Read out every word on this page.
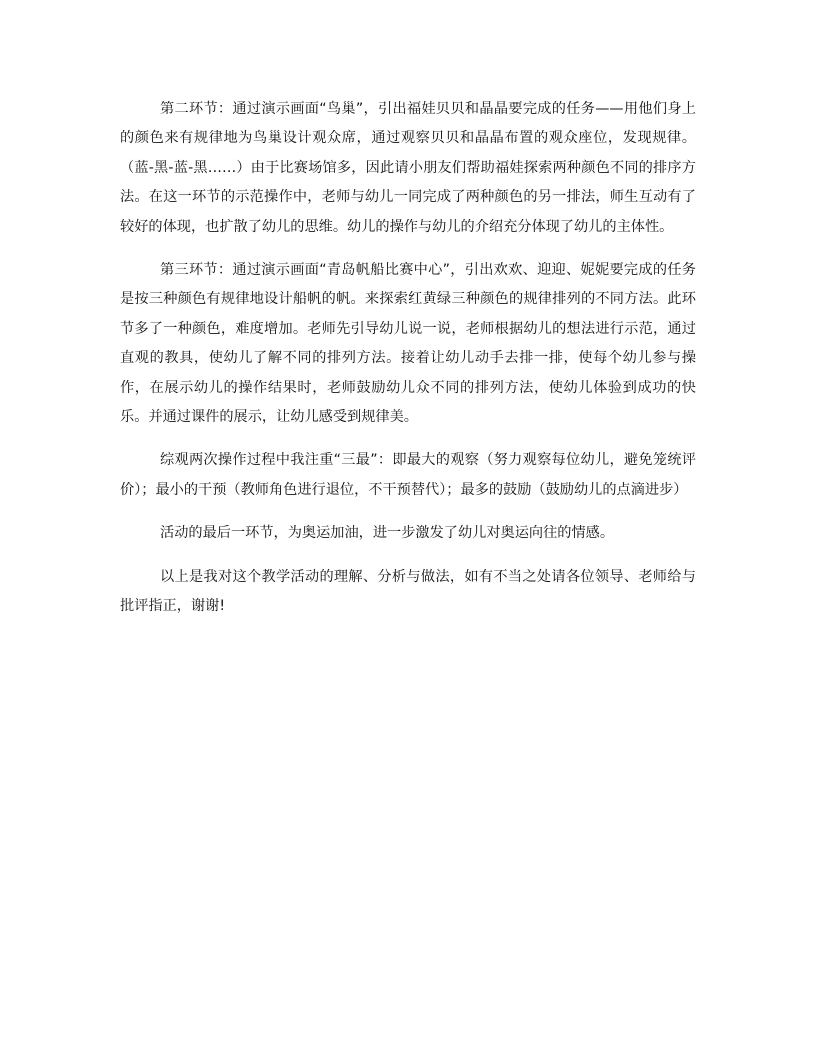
第二环节：通过演示画面“鸟巢”，引出福娃贝贝和晶晶要完成的任务——用他们身上的颜色来有规律地为鸟巢设计观众席，通过观察贝贝和晶晶布置的观众座位，发现规律。（蓝-黑-蓝-黑……）由于比赛场馆多，因此请小朋友们帮助福娃探索两种颜色不同的排序方法。在这一环节的示范操作中，老师与幼儿一同完成了两种颜色的另一排法，师生互动有了较好的体现，也扩散了幼儿的思维。幼儿的操作与幼儿的介绍充分体现了幼儿的主体性。

第三环节：通过演示画面“青岛帆船比赛中心”，引出欢欢、迎迎、妮妮要完成的任务是按三种颜色有规律地设计船帆的帆。来探索红黄绿三种颜色的规律排列的不同方法。此环节多了一种颜色，难度增加。老师先引导幼儿说一说，老师根据幼儿的想法进行示范，通过直观的教具，使幼儿了解不同的排列方法。接着让幼儿动手去排一排，使每个幼儿参与操作，在展示幼儿的操作结果时，老师鼓励幼儿众不同的排列方法，使幼儿体验到成功的快乐。并通过课件的展示，让幼儿感受到规律美。

综观两次操作过程中我注重“三最”：即最大的观察（努力观察每位幼儿，避免笼统评价）；最小的干预（教师角色进行退位，不干预替代）；最多的鼓励（鼓励幼儿的点滴进步）

活动的最后一环节，为奥运加油，进一步激发了幼儿对奥运向往的情感。

以上是我对这个教学活动的理解、分析与做法，如有不当之处请各位领导、老师给与批评指正，谢谢!
